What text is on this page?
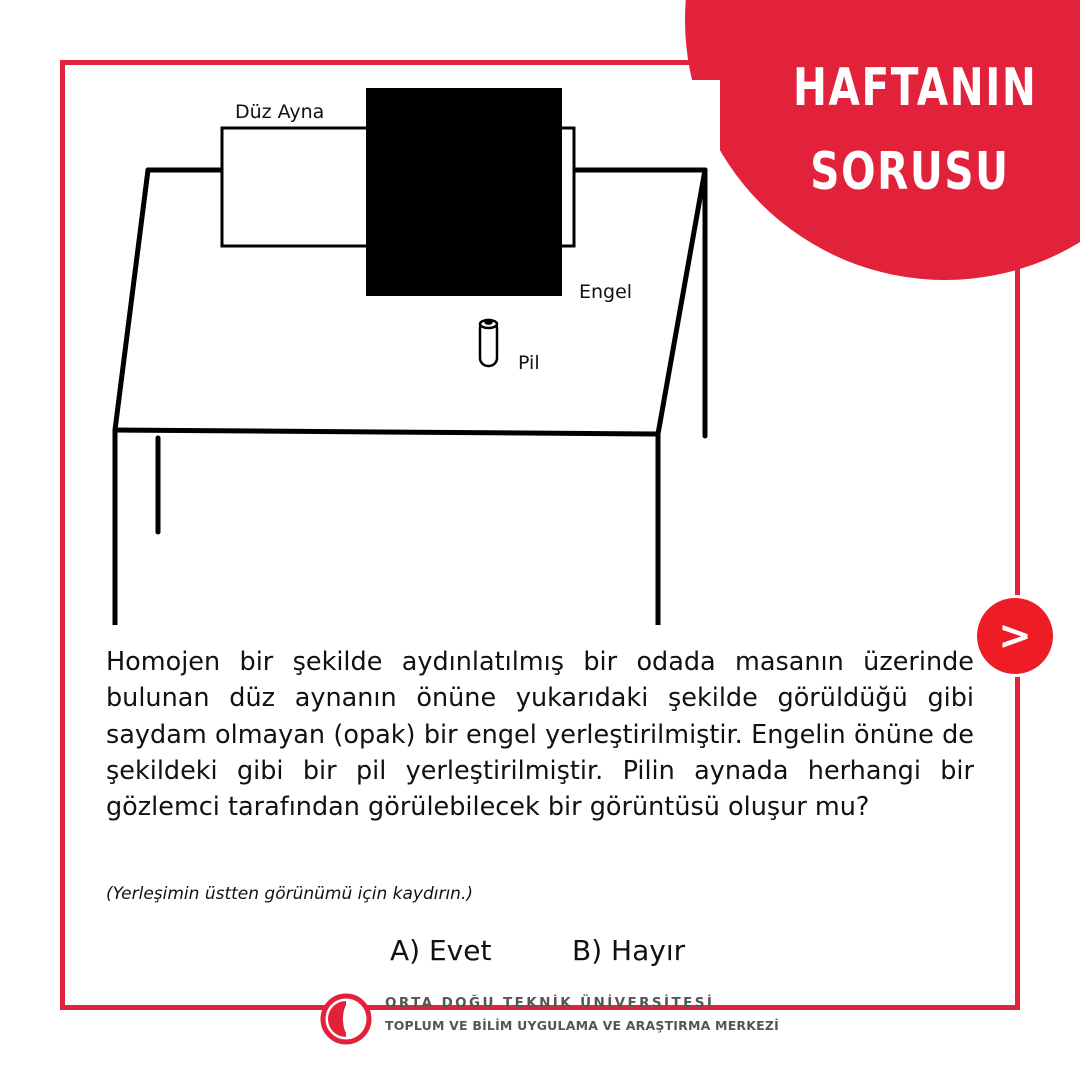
HAFTANIN
SORUSU
Düz Ayna
Engel
Pil
>

Homojen bir şekilde aydınlatılmış bir odada masanın üzerinde bulunan düz aynanın önüne yukarıdaki şekilde görüldüğü gibi saydam olmayan (opak) bir engel yerleştirilmiştir. Engelin önüne de şekildeki gibi bir pil yerleştirilmiştir. Pilin aynada herhangi bir gözlemci tarafından görülebilecek bir görüntüsü oluşur mu?

(Yerleşimin üstten görünümü için kaydırın.)
A) Evet	B) Hayır
ORTA DOĞU TEKNİK ÜNİVERSİTESİ
TOPLUM VE BİLİM UYGULAMA VE ARAŞTIRMA MERKEZİ
